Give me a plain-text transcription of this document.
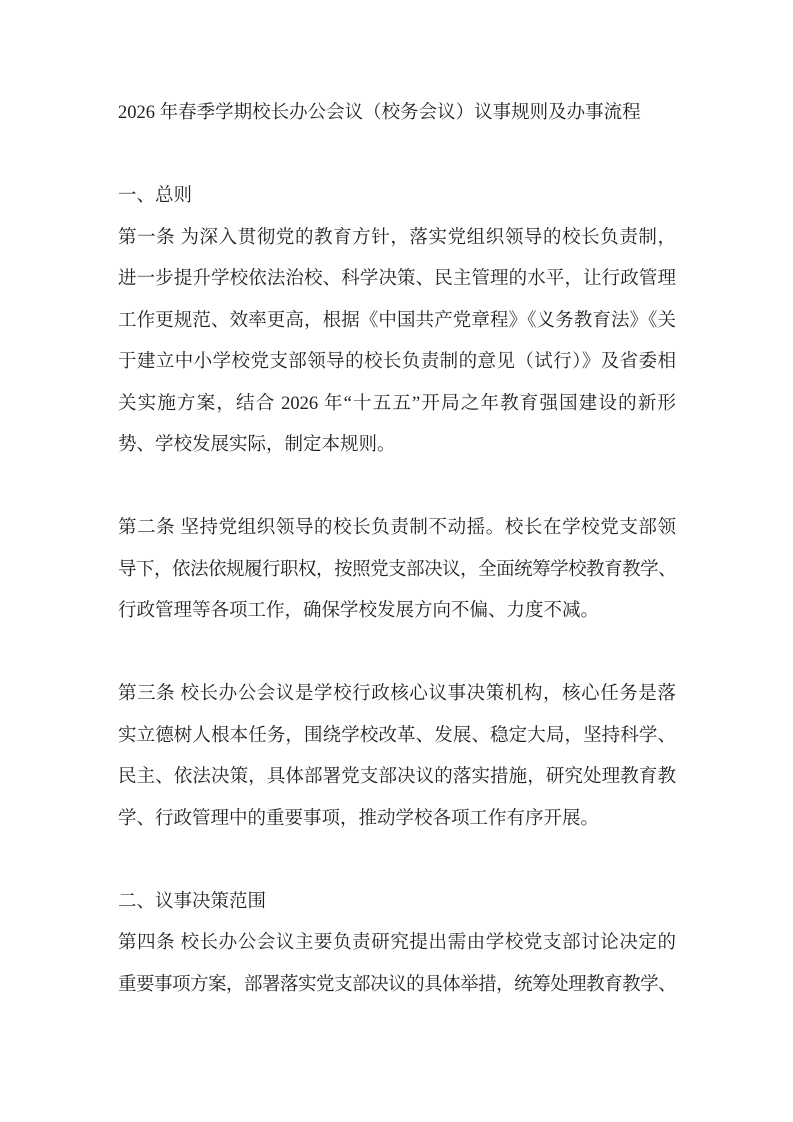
2026 年春季学期校长办公会议（校务会议）议事规则及办事流程
一、总则
第一条 为深入贯彻党的教育方针，落实党组织领导的校长负责制，
进一步提升学校依法治校、科学决策、民主管理的水平，让行政管理
工作更规范、效率更高，根据《中国共产党章程》《义务教育法》《关
于建立中小学校党支部领导的校长负责制的意见（试行）》及省委相
关实施方案，结合 2026 年“十五五”开局之年教育强国建设的新形
势、学校发展实际，制定本规则。
第二条 坚持党组织领导的校长负责制不动摇。校长在学校党支部领
导下，依法依规履行职权，按照党支部决议，全面统筹学校教育教学、
行政管理等各项工作，确保学校发展方向不偏、力度不减。
第三条 校长办公会议是学校行政核心议事决策机构，核心任务是落
实立德树人根本任务，围绕学校改革、发展、稳定大局，坚持科学、
民主、依法决策，具体部署党支部决议的落实措施，研究处理教育教
学、行政管理中的重要事项，推动学校各项工作有序开展。
二、议事决策范围
第四条 校长办公会议主要负责研究提出需由学校党支部讨论决定的
重要事项方案，部署落实党支部决议的具体举措，统筹处理教育教学、
